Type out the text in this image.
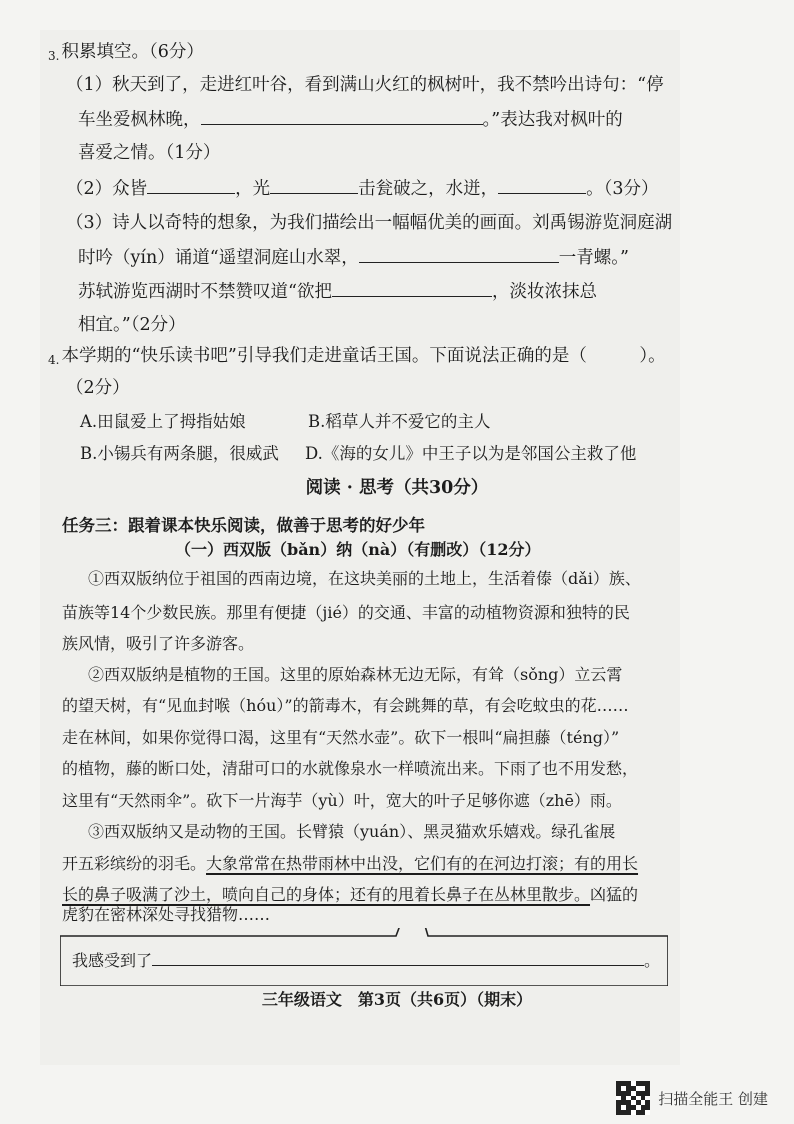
3. 积累填空。（6分）
（1）秋天到了，走进红叶谷，看到满山火红的枫树叶，我不禁吟出诗句：“停
车坐爱枫林晚，	。”表达我对枫叶的
喜爱之情。（1分）
（2）众皆	，光	击瓮破之，水迸，	。（3分）
（3）诗人以奇特的想象，为我们描绘出一幅幅优美的画面。刘禹锡游览洞庭湖
时吟（yín）诵道“遥望洞庭山水翠，	一青螺。”
苏轼游览西湖时不禁赞叹道“欲把	，淡妆浓抹总
相宜。”（2分）
4. 本学期的“快乐读书吧”引导我们走进童话王国。下面说法正确的是（　　　）。
（2分）
A.田鼠爱上了拇指姑娘	B.稻草人并不爱它的主人
B.小锡兵有两条腿，很威武 D.《海的女儿》中王子以为是邻国公主救了他
阅读 · 思考（共30分）
任务三：跟着课本快乐阅读，做善于思考的好少年
（一）西双版（bǎn）纳（nà）（有删改）（12分）
①西双版纳位于祖国的西南边境，在这块美丽的土地上，生活着傣（dǎi）族、
苗族等14个少数民族。那里有便捷（jié）的交通、丰富的动植物资源和独特的民
族风情，吸引了许多游客。
②西双版纳是植物的王国。这里的原始森林无边无际，有耸（sǒng）立云霄
的望天树，有“见血封喉（hóu）”的箭毒木，有会跳舞的草，有会吃蚊虫的花……
走在林间，如果你觉得口渴，这里有“天然水壶”。砍下一根叫“扁担藤（téng）”
的植物，藤的断口处，清甜可口的水就像泉水一样喷流出来。下雨了也不用发愁，
这里有“天然雨伞”。砍下一片海芋（yù）叶，宽大的叶子足够你遮（zhē）雨。
③西双版纳又是动物的王国。长臂猿（yuán）、黑灵猫欢乐嬉戏。绿孔雀展
开五彩缤纷的羽毛。大象常常在热带雨林中出没，它们有的在河边打滚；有的用长
长的鼻子吸满了沙土，喷向自己的身体；还有的甩着长鼻子在丛林里散步。凶猛的
虎豹在密林深处寻找猎物……
我感受到了	。
三年级语文　第3页（共6页）（期末）
扫描全能王 创建
